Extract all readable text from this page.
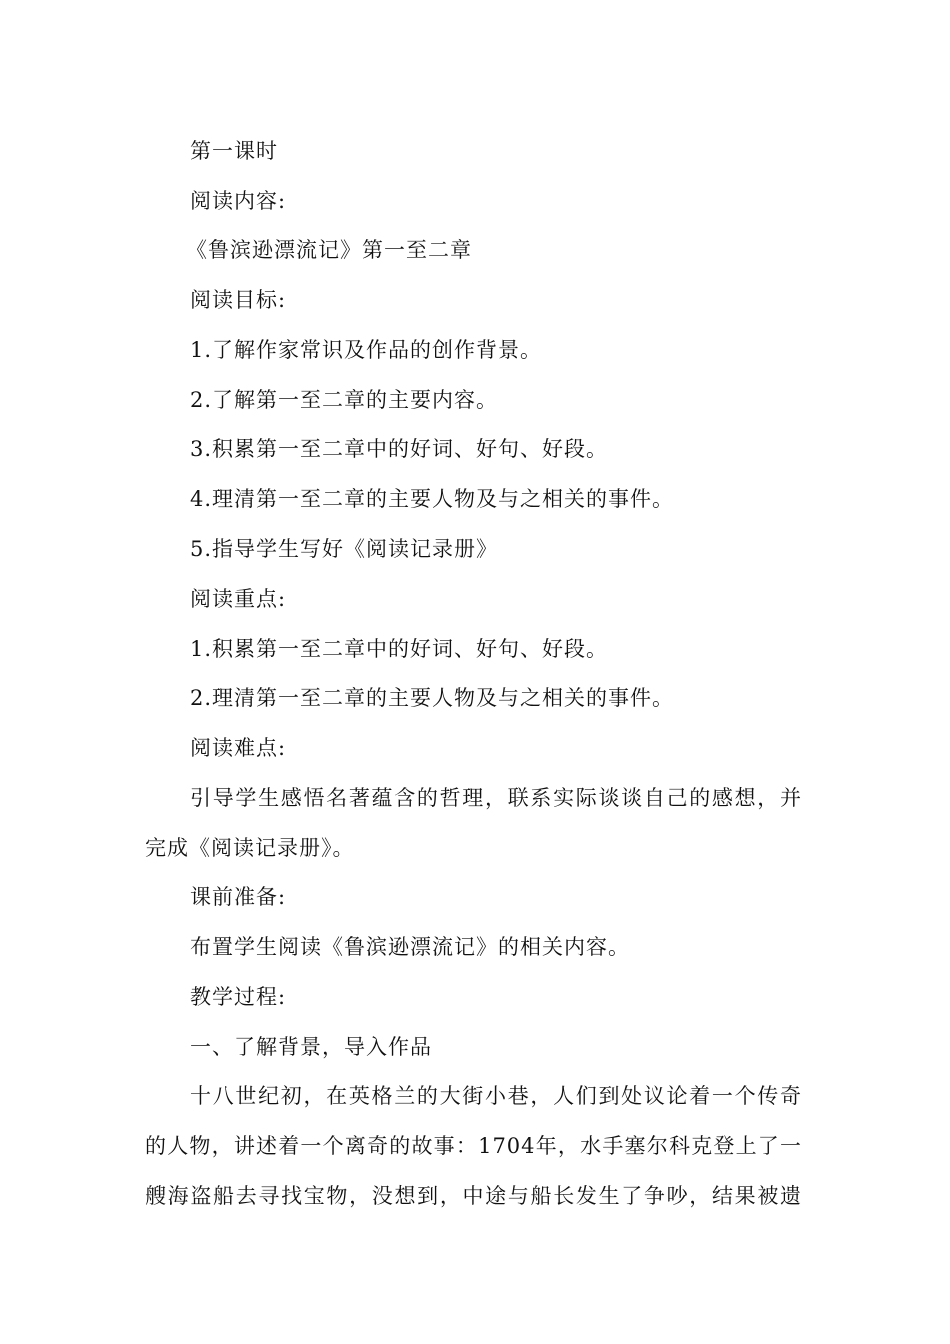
第一课时
阅读内容:
《鲁滨逊漂流记》第一至二章
阅读目标:
1.了解作家常识及作品的创作背景。
2.了解第一至二章的主要内容。
3.积累第一至二章中的好词、好句、好段。
4.理清第一至二章的主要人物及与之相关的事件。
5.指导学生写好《阅读记录册》
阅读重点:
1.积累第一至二章中的好词、好句、好段。
2.理清第一至二章的主要人物及与之相关的事件。
阅读难点:
引导学生感悟名著蕴含的哲理，联系实际谈谈自己的感想，并
完成《阅读记录册》。
课前准备:
布置学生阅读《鲁滨逊漂流记》的相关内容。
教学过程:
一、了解背景，导入作品
十八世纪初，在英格兰的大街小巷，人们到处议论着一个传奇
的人物，讲述着一个离奇的故事：1704年，水手塞尔科克登上了一
艘海盗船去寻找宝物，没想到，中途与船长发生了争吵，结果被遗
